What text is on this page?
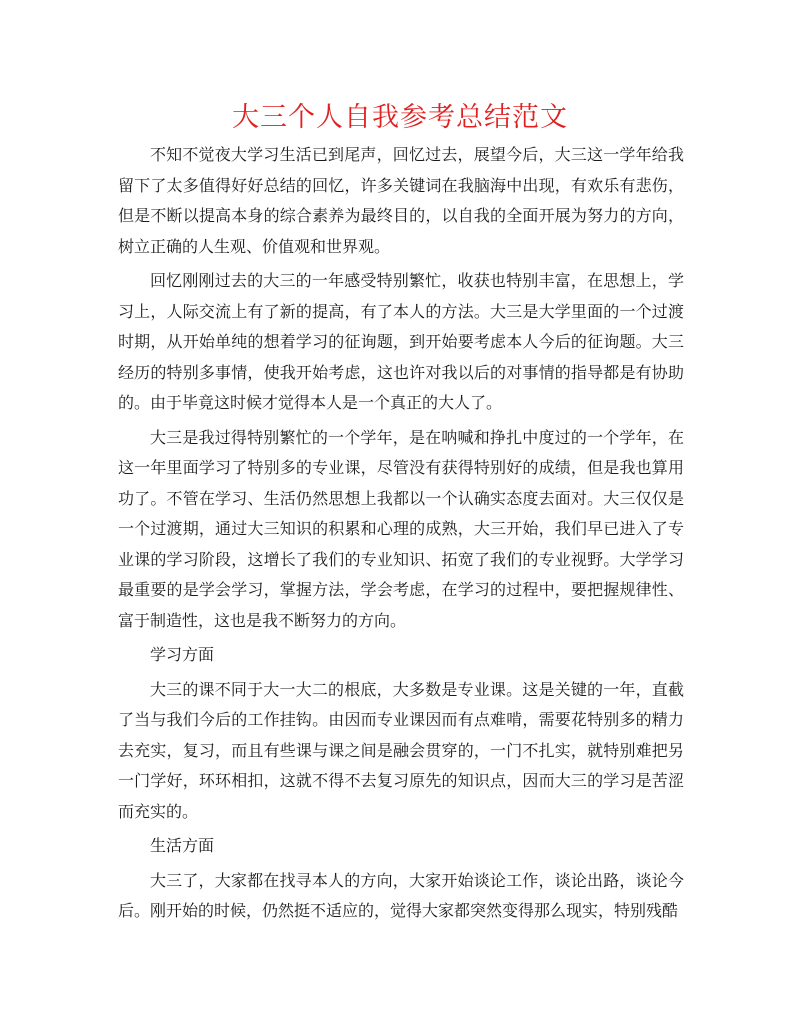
大三个人自我参考总结范文

不知不觉夜大学习生活已到尾声，回忆过去，展望今后，大三这一学年给我留下了太多值得好好总结的回忆，许多关键词在我脑海中出现，有欢乐有悲伤，但是不断以提高本身的综合素养为最终目的，以自我的全面开展为努力的方向，树立正确的人生观、价值观和世界观。

回忆刚刚过去的大三的一年感受特别繁忙，收获也特别丰富，在思想上，学习上，人际交流上有了新的提高，有了本人的方法。大三是大学里面的一个过渡时期，从开始单纯的想着学习的征询题，到开始要考虑本人今后的征询题。大三经历的特别多事情，使我开始考虑，这也许对我以后的对事情的指导都是有协助的。由于毕竟这时候才觉得本人是一个真正的大人了。

大三是我过得特别繁忙的一个学年，是在呐喊和挣扎中度过的一个学年，在这一年里面学习了特别多的专业课，尽管没有获得特别好的成绩，但是我也算用功了。不管在学习、生活仍然思想上我都以一个认确实态度去面对。大三仅仅是一个过渡期，通过大三知识的积累和心理的成熟，大三开始，我们早已进入了专业课的学习阶段，这增长了我们的专业知识、拓宽了我们的专业视野。大学学习最重要的是学会学习，掌握方法，学会考虑，在学习的过程中，要把握规律性、富于制造性，这也是我不断努力的方向。

学习方面

大三的课不同于大一大二的根底，大多数是专业课。这是关键的一年，直截了当与我们今后的工作挂钩。由因而专业课因而有点难啃，需要花特别多的精力去充实，复习，而且有些课与课之间是融会贯穿的，一门不扎实，就特别难把另一门学好，环环相扣，这就不得不去复习原先的知识点，因而大三的学习是苦涩而充实的。

生活方面

大三了，大家都在找寻本人的方向，大家开始谈论工作，谈论出路，谈论今后。刚开始的时候，仍然挺不适应的，觉得大家都突然变得那么现实，特别残酷
